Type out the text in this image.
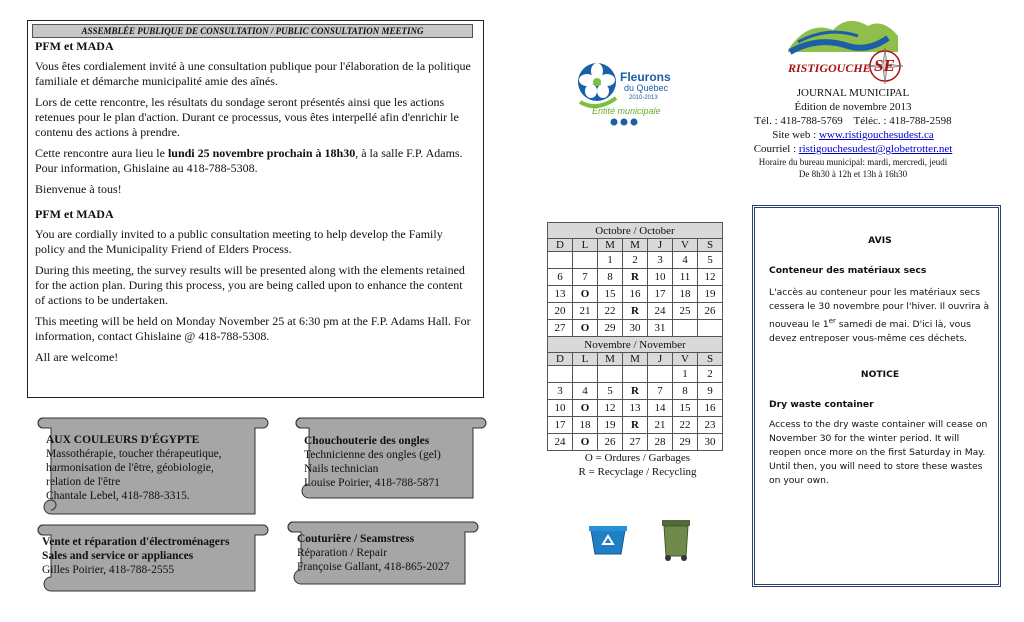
ASSEMBLÉE PUBLIQUE DE CONSULTATION / PUBLIC CONSULTATION MEETING

PFM et MADA

Vous êtes cordialement invité à une consultation publique pour l'élaboration de la politique familiale et démarche municipalité amie des aînés.

Lors de cette rencontre, les résultats du sondage seront présentés ainsi que les actions retenues pour le plan d'action. Durant ce processus, vous êtes interpellé afin d'enrichir le contenu des actions à prendre.

Cette rencontre aura lieu le lundi 25 novembre prochain à 18h30, à la salle F.P. Adams. Pour information, Ghislaine au 418-788-5308.

Bienvenue à tous!

PFM et MADA

You are cordially invited to a public consultation meeting to help develop the Family policy and the Municipality Friend of Elders Process.

During this meeting, the survey results will be presented along with the elements retained for the action plan. During this process, you are being called upon to enhance the content of actions to be undertaken.

This meeting will be held on Monday November 25 at 6:30 pm at the F.P. Adams Hall. For information, contact Ghislaine @ 418-788-5308.

All are welcome!

AUX COULEURS D'ÉGYPTE
Massothérapie, toucher thérapeutique,
harmonisation de l'être, géobiologie,
relation de l'être
Chantale Lebel, 418-788-3315.
Chouchouterie des ongles
Technicienne des ongles (gel)
Nails technician
Louise Poirier, 418-788-5871
Vente et réparation d'électroménagers
Sales and service or appliances
Gilles Poirier, 418-788-2555
Couturière / Seamstress
Réparation / Repair
Françoise Gallant, 418-865-2027
Fleurons
du Québec
2010-2013
Entité municipale
RISTIGOUCHE SE
JOURNAL MUNICIPAL
Édition de novembre 2013
Tél. : 418-788-5769    Téléc. : 418-788-2598
Site web : www.ristigouchesudest.ca
Courriel : ristigouchesudest@globetrotter.net
Horaire du bureau municipal: mardi, mercredi, jeudi
De 8h30 à 12h et 13h à 16h30
Octobre / October						
D	L	M	M	J	V	S
		1	2	3	4	5
6	7	8	R	10	11	12
13	O	15	16	17	18	19
20	21	22	R	24	25	26
27	O	29	30	31		
Novembre / November						
D	L	M	M	J	V	S
					1	2
3	4	5	R	7	8	9
10	O	12	13	14	15	16
17	18	19	R	21	22	23
24	O	26	27	28	29	30
O = Ordures / Garbages
R = Recyclage / Recycling

AVIS

Conteneur des matériaux secs

L'accès au conteneur pour les matériaux secs cessera le 30 novembre pour l'hiver. Il ouvrira à nouveau le 1er samedi de mai. D'ici là, vous devez entreposer vous-même ces déchets.

NOTICE

Dry waste container

Access to the dry waste container will cease on November 30 for the winter period. It will reopen once more on the first Saturday in May. Until then, you will need to store these wastes on your own.
